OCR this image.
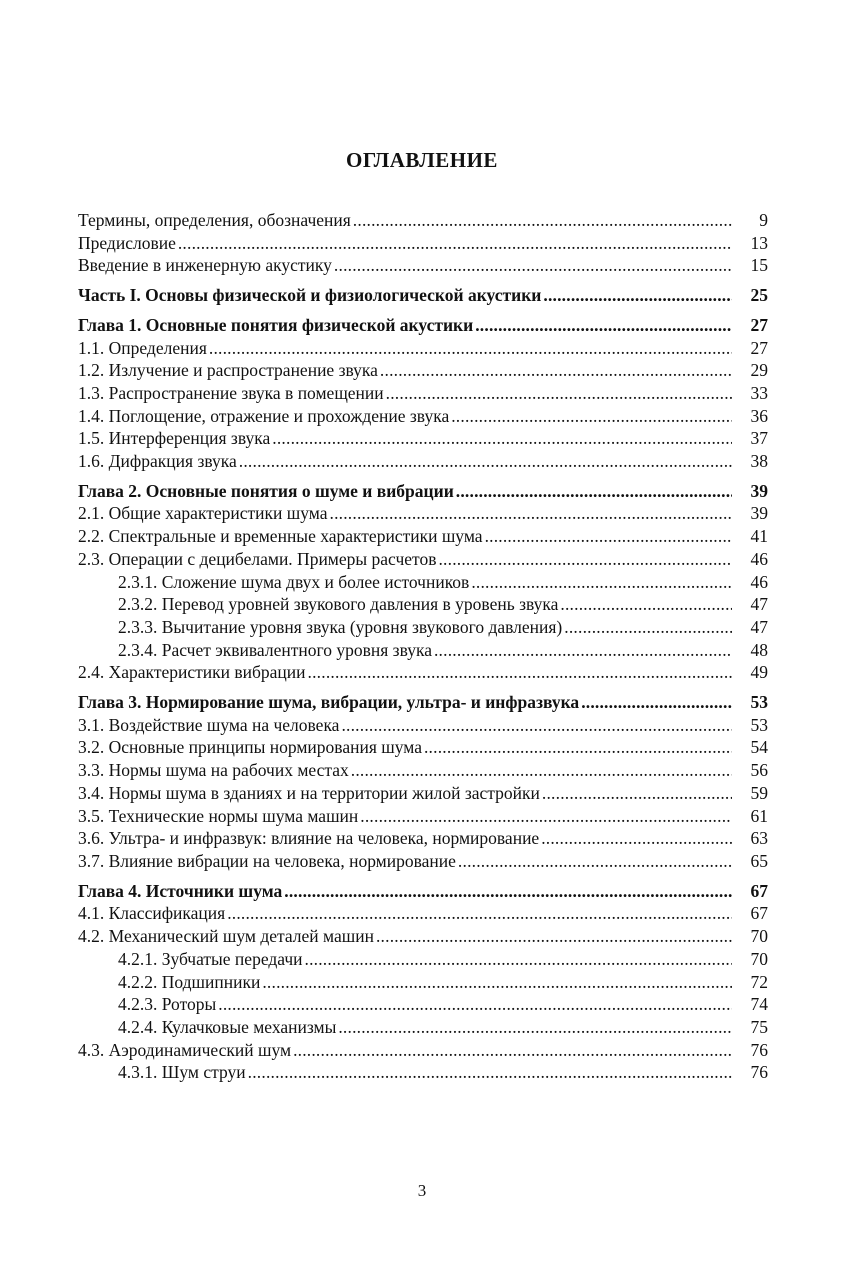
ОГЛАВЛЕНИЕ
Термины, определения, обозначения .....	9
Предисловие .....	13
Введение в инженерную акустику .....	15
Часть I. Основы физической и физиологической акустики .....	25
Глава 1. Основные понятия физической акустики .....	27
1.1. Определения .....	27
1.2. Излучение и распространение звука .....	29
1.3. Распространение звука в помещении .....	33
1.4. Поглощение, отражение и прохождение звука .....	36
1.5. Интерференция звука .....	37
1.6. Дифракция звука .....	38
Глава 2. Основные понятия о шуме и вибрации .....	39
2.1. Общие характеристики шума .....	39
2.2. Спектральные и временные характеристики шума .....	41
2.3. Операции с децибелами. Примеры расчетов .....	46
2.3.1. Сложение шума двух и более источников .....	46
2.3.2. Перевод уровней звукового давления в уровень звука .....	47
2.3.3. Вычитание уровня звука (уровня звукового давления) .....	47
2.3.4. Расчет эквивалентного уровня звука .....	48
2.4. Характеристики вибрации .....	49
Глава 3. Нормирование шума, вибрации, ультра- и инфразвука .....	53
3.1. Воздействие шума на человека .....	53
3.2. Основные принципы нормирования шума .....	54
3.3. Нормы шума на рабочих местах .....	56
3.4. Нормы шума в зданиях и на территории жилой застройки .....	59
3.5. Технические нормы шума машин .....	61
3.6. Ультра- и инфразвук: влияние на человека, нормирование .....	63
3.7. Влияние вибрации на человека, нормирование .....	65
Глава 4. Источники шума .....	67
4.1. Классификация .....	67
4.2. Механический шум деталей машин .....	70
4.2.1. Зубчатые передачи .....	70
4.2.2. Подшипники .....	72
4.2.3. Роторы .....	74
4.2.4. Кулачковые механизмы .....	75
4.3. Аэродинамический шум .....	76
4.3.1. Шум струи .....	76
3
